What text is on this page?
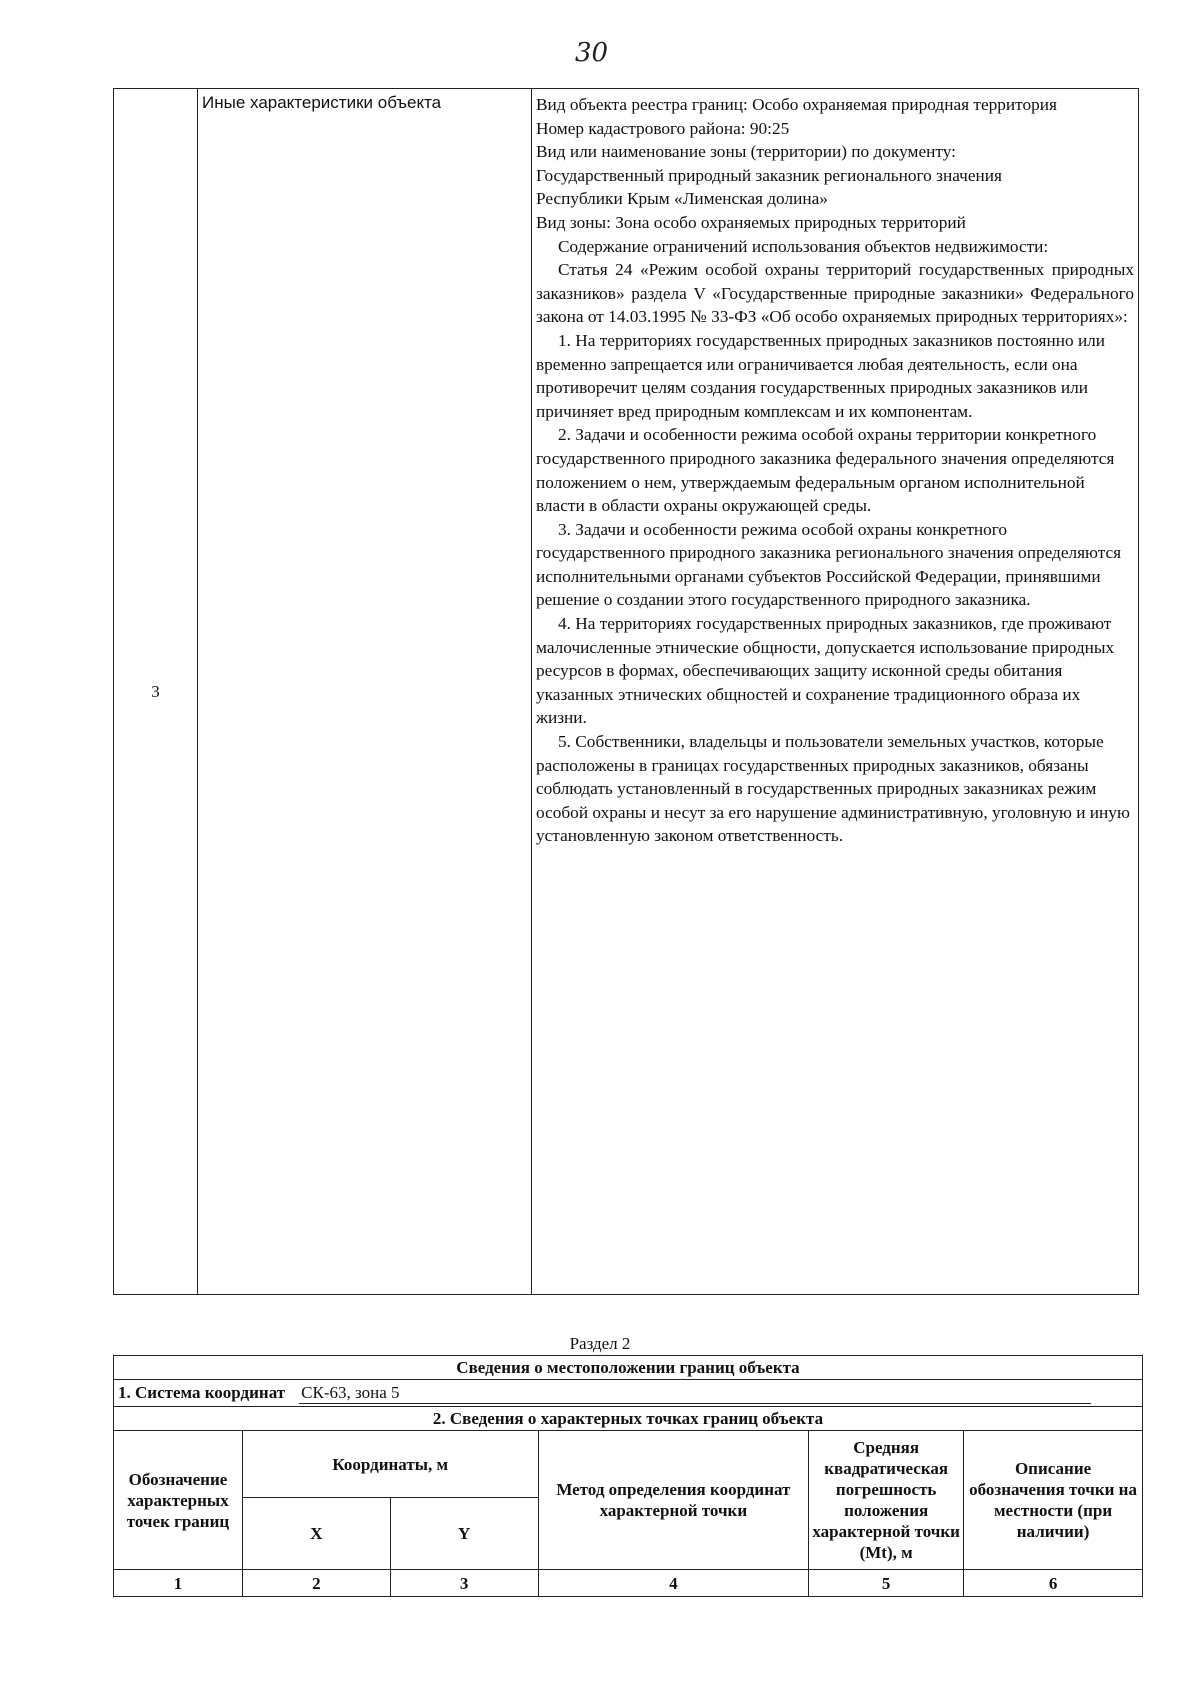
30
3	Иные характеристики объекта	Вид объекта реестра границ: Особо охраняемая природная территория

Номер кадастрового района: 90:25

Вид или наименование зоны (территории) по документу:

Государственный природный заказник регионального значения

Республики Крым «Лименская долина»

Вид зоны: Зона особо охраняемых природных территорий

Содержание ограничений использования объектов недвижимости:

Статья 24 «Режим особой охраны территорий государственных природных заказников» раздела V «Государственные природные заказники» Федерального закона от 14.03.1995 № 33-ФЗ «Об особо охраняемых природных территориях»:

1. На территориях государственных природных заказников постоянно или временно запрещается или ограничивается любая деятельность, если она противоречит целям создания государственных природных заказников или причиняет вред природным комплексам и их компонентам.

2. Задачи и особенности режима особой охраны территории конкретного государственного природного заказника федерального значения определяются положением о нем, утверждаемым федеральным органом исполнительной власти в области охраны окружающей среды.

3. Задачи и особенности режима особой охраны конкретного государственного природного заказника регионального значения определяются исполнительными органами субъектов Российской Федерации, принявшими решение о создании этого государственного природного заказника.

4. На территориях государственных природных заказников, где проживают малочисленные этнические общности, допускается использование природных ресурсов в формах, обеспечивающих защиту исконной среды обитания указанных этнических общностей и сохранение традиционного образа их жизни.

5. Собственники, владельцы и пользователи земельных участков, которые расположены в границах государственных природных заказников, обязаны соблюдать установленный в государственных природных заказниках режим особой охраны и несут за его нарушение административную, уголовную и иную установленную законом ответственность.

Раздел 2
Сведения о местоположении границ объекта					
1. Система координат СК-63, зона 5					
2. Сведения о характерных точках границ объекта					
Обозначение характерных точек границ	Координаты, м		Метод определения координат характерной точки	Средняя квадратическая погрешность положения характерной точки (Mt), м	Описание обозначения точки на местности (при наличии)
	X	Y			
1	2	3	4	5	6
